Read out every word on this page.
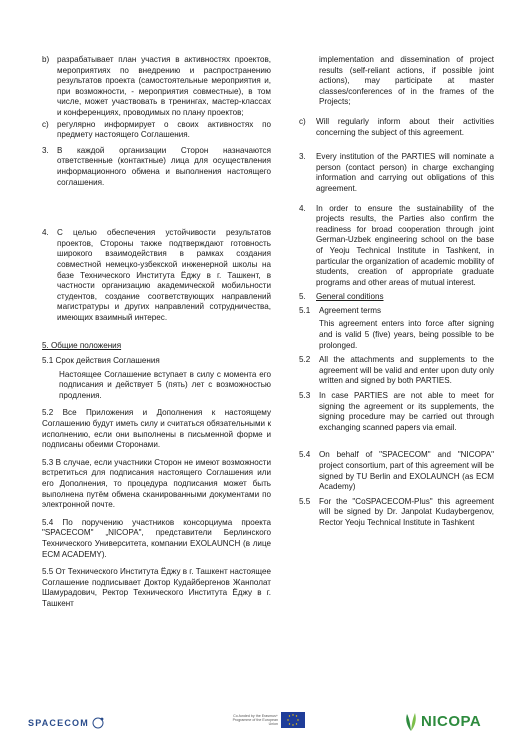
b) разрабатывает план участия в активностях проектов, мероприятиях по внедрению и распространению результатов проекта (самостоятельные мероприятия и, при возможности, - мероприятия совместные), в том числе, может участвовать в тренингах, мастер-классах и конференциях, проводимых по плану проектов;
c)	регулярно информирует о своих активностях по предмету настоящего Соглашения.
3.	В каждой организации Сторон назначаются ответственные (контактные) лица для осуществления информационного обмена и выполнения настоящего соглашения.
4.	С целью обеспечения устойчивости результатов проектов, Стороны также подтверждают готовность широкого взаимодействия в рамках создания совместной немецко-узбекской инженерной школы на базе Технического Института Ёджу в г. Ташкент, в частности организацию академической мобильности студентов, создание соответствующих направлений магистратуры и других направлений сотрудничества, имеющих взаимный интерес.
5. Общие положения
5.1 Срок действия Соглашения
Настоящее Соглашение вступает в силу с момента его подписания и действует 5 (пять) лет с возможностью продления.
5.2 Все Приложения и Дополнения к настоящему Соглашению будут иметь силу и считаться обязательными к исполнению, если они выполнены в письменной форме и подписаны обеими Сторонами.
5.3 В случае, если участники Сторон не имеют возможности встретиться для подписания настоящего Соглашения или его Дополнения, то процедура подписания может быть выполнена путём обмена сканированными документами по электронной почте.
5.4 По поручению участников консорциума проекта "SPACECOM" „NICOPA", представители Берлинского Технического Университета, компании EXOLAUNCH (в лице ECM ACADEMY).
5.5 От Технического Института Ёджу в г. Ташкент настоящее Соглашение подписывает Доктор Кудайбергенов Жанполат Шамурадович, Ректор Технического Института Ёджу в г. Ташкент
implementation and dissemination of project results (self-reliant actions, if possible joint actions), may participate at master classes/conferences of in the frames of the Projects;
c)	Will regularly inform about their activities concerning the subject of this agreement.
3.	Every institution of the PARTIES will nominate a person (contact person) in charge exchanging information and carrying out obligations of this agreement.
4.	In order to ensure the sustainability of the projects results, the Parties also confirm the readiness for broad cooperation through joint German-Uzbek engineering school on the base of Yeoju Technical Institute in Tashkent, in particular the organization of academic mobility of students, creation of appropriate graduate programs and other areas of mutual interest.
5.	General conditions
5.1	Agreement terms
This agreement enters into force after signing and is valid 5 (five) years, being possible to be prolonged.
5.2	All the attachments and supplements to the agreement will be valid and enter upon duty only written and signed by both PARTIES.
5.3	In case PARTIES are not able to meet for signing the agreement or its supplements, the signing procedure may be carried out through exchanging scanned papers via email.
5.4	On behalf of "SPACECOM" and "NICOPA" project consortium, part of this agreement will be signed by TU Berlin and EXOLAUNCH (as ECM Academy)
5.5	For the "CoSPACECOM-Plus" this agreement will be signed by Dr. Janpolat Kudaybergenov, Rector Yeoju Technical Institute in Tashkent
SPACECOM
Co-funded by the Erasmus+ Programme of the European Union	NICOPA
